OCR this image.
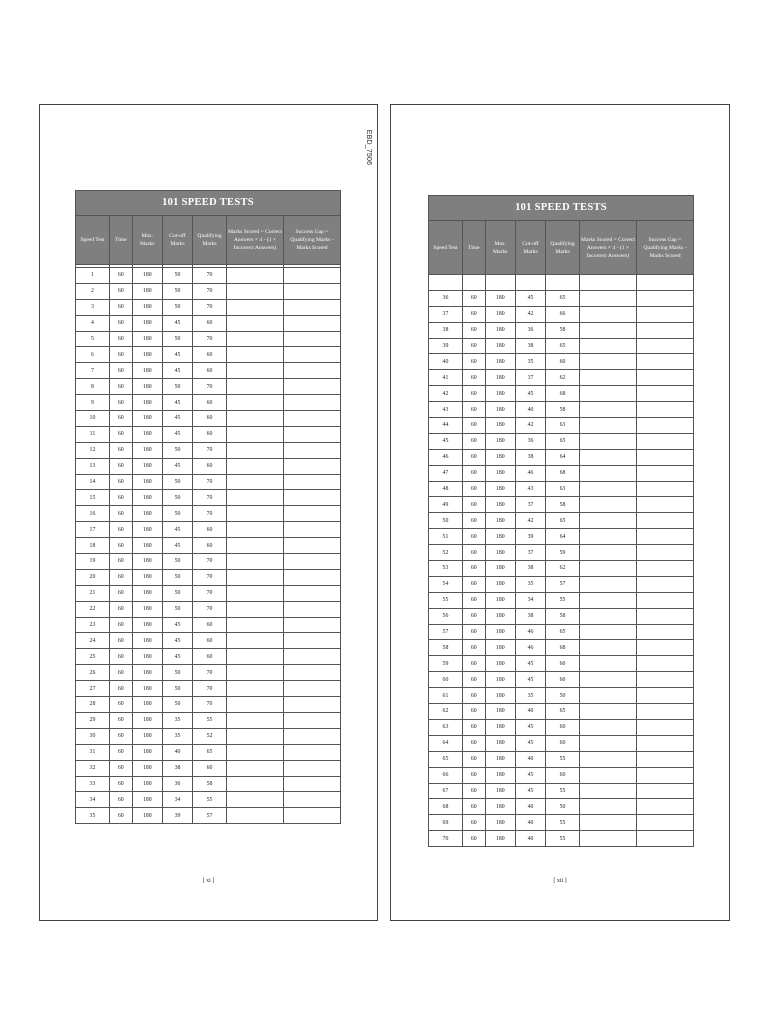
EBD_7506
101 SPEED TESTS
Speed Test	Time	Max. Marks	Cut-off Marks	Qualifying Marks	Marks Scored = Correct Answers × 4 - (1 × Incorrect Answers)	Success Gap = Qualifying Marks - Marks Scored

1	60	180	50	70		
2	60	180	50	70		
3	60	180	50	70		
4	60	180	45	60		
5	60	180	50	70		
6	60	180	45	60		
7	60	180	45	60		
8	60	180	50	70		
9	60	180	45	60		
10	60	180	45	60		
11	60	180	45	60		
12	60	180	50	70		
13	60	180	45	60		
14	60	180	50	70		
15	60	180	50	70		
16	60	180	50	70		
17	60	180	45	60		
18	60	180	45	60		
19	60	180	50	70		
20	60	180	50	70		
21	60	180	50	70		
22	60	180	50	70		
23	60	180	45	60		
24	60	180	45	60		
25	60	180	45	60		
26	60	180	50	70		
27	60	180	50	70		
28	60	180	50	70		
29	60	180	35	55		
30	60	180	35	52		
31	60	180	40	65		
32	60	180	38	60		
33	60	180	36	58		
34	60	180	34	55		
35	60	180	39	57		
[ xi ]
101 SPEED TESTS
Speed Test	Time	Max. Marks	Cut-off Marks	Qualifying Marks	Marks Scored = Correct Answers × 4 - (1 × Incorrect Answers)	Success Gap = Qualifying Marks - Marks Scored

36	60	180	45	65		
37	60	180	42	66		
38	60	180	36	58		
39	60	180	38	65		
40	60	180	35	60		
41	60	180	37	62		
42	60	180	45	68		
43	60	180	40	58		
44	60	180	42	63		
45	60	180	36	65		
46	60	180	38	64		
47	60	180	46	68		
48	60	180	43	63		
49	60	180	37	58		
50	60	180	42	65		
51	60	180	39	64		
52	60	180	37	59		
53	60	180	38	62		
54	60	180	35	57		
55	60	180	34	55		
56	60	180	38	58		
57	60	180	46	65		
58	60	180	46	68		
59	60	180	45	60		
60	60	180	45	60		
61	60	180	35	50		
62	60	180	40	65		
63	60	180	45	60		
64	60	180	45	60		
65	60	180	40	55		
66	60	180	45	60		
67	60	180	45	55		
68	60	180	40	50		
69	60	180	40	55		
70	60	180	40	55		
[ xii ]
